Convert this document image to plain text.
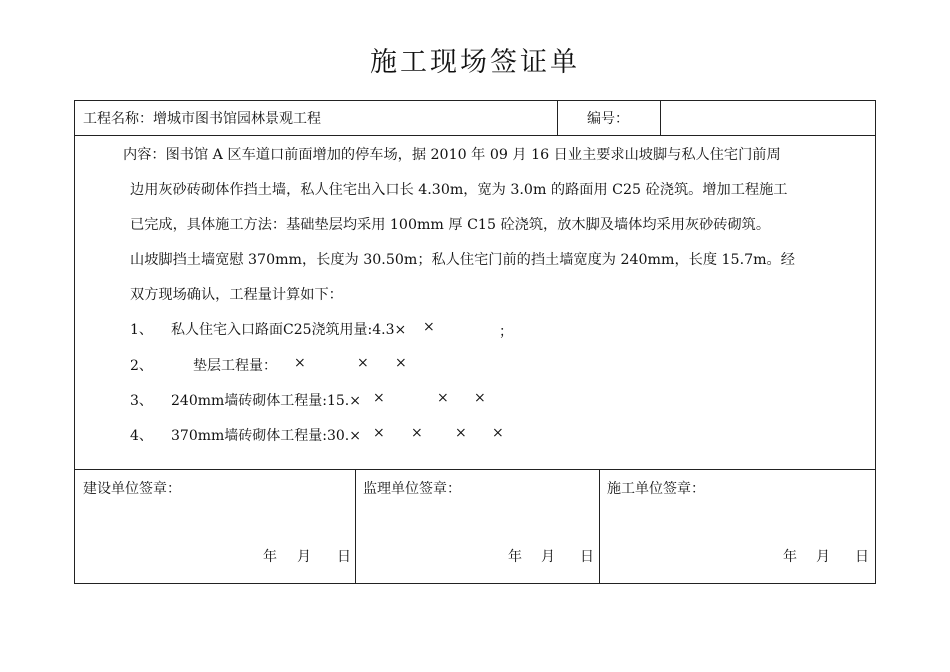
施工现场签证单
工程名称： 增城市图书馆园林景观工程	编号：
内容：图书馆 A 区车道口前面增加的停车场，据 2010 年 09 月 16 日业主要求山坡脚与私人住宅门前周
边用灰砂砖砌体作挡土墙，私人住宅出入口长 4.30m，宽为 3.0m 的路面用 C25 砼浇筑。增加工程施工
已完成，具体施工方法：基础垫层均采用 100mm 厚 C15 砼浇筑，放木脚及墙体均采用灰砂砖砌筑。
山坡脚挡土墙宽慰 370mm，长度为 30.50m；私人住宅门前的挡土墙宽度为 240mm，长度 15.7m。经
双方现场确认，工程量计算如下：
1、 私人住宅入口路面C25浇筑用量:4.3× ×	；
2、	垫层工程量： ×	× ×
3、 240mm墙砖砌体工程量:15.× ×	× ×
4、 370mm墙砖砌体工程量:30.× × × × ×
建设单位签章：
年 月 日
监理单位签章：
年 月 日
施工单位签章：
年 月 日
